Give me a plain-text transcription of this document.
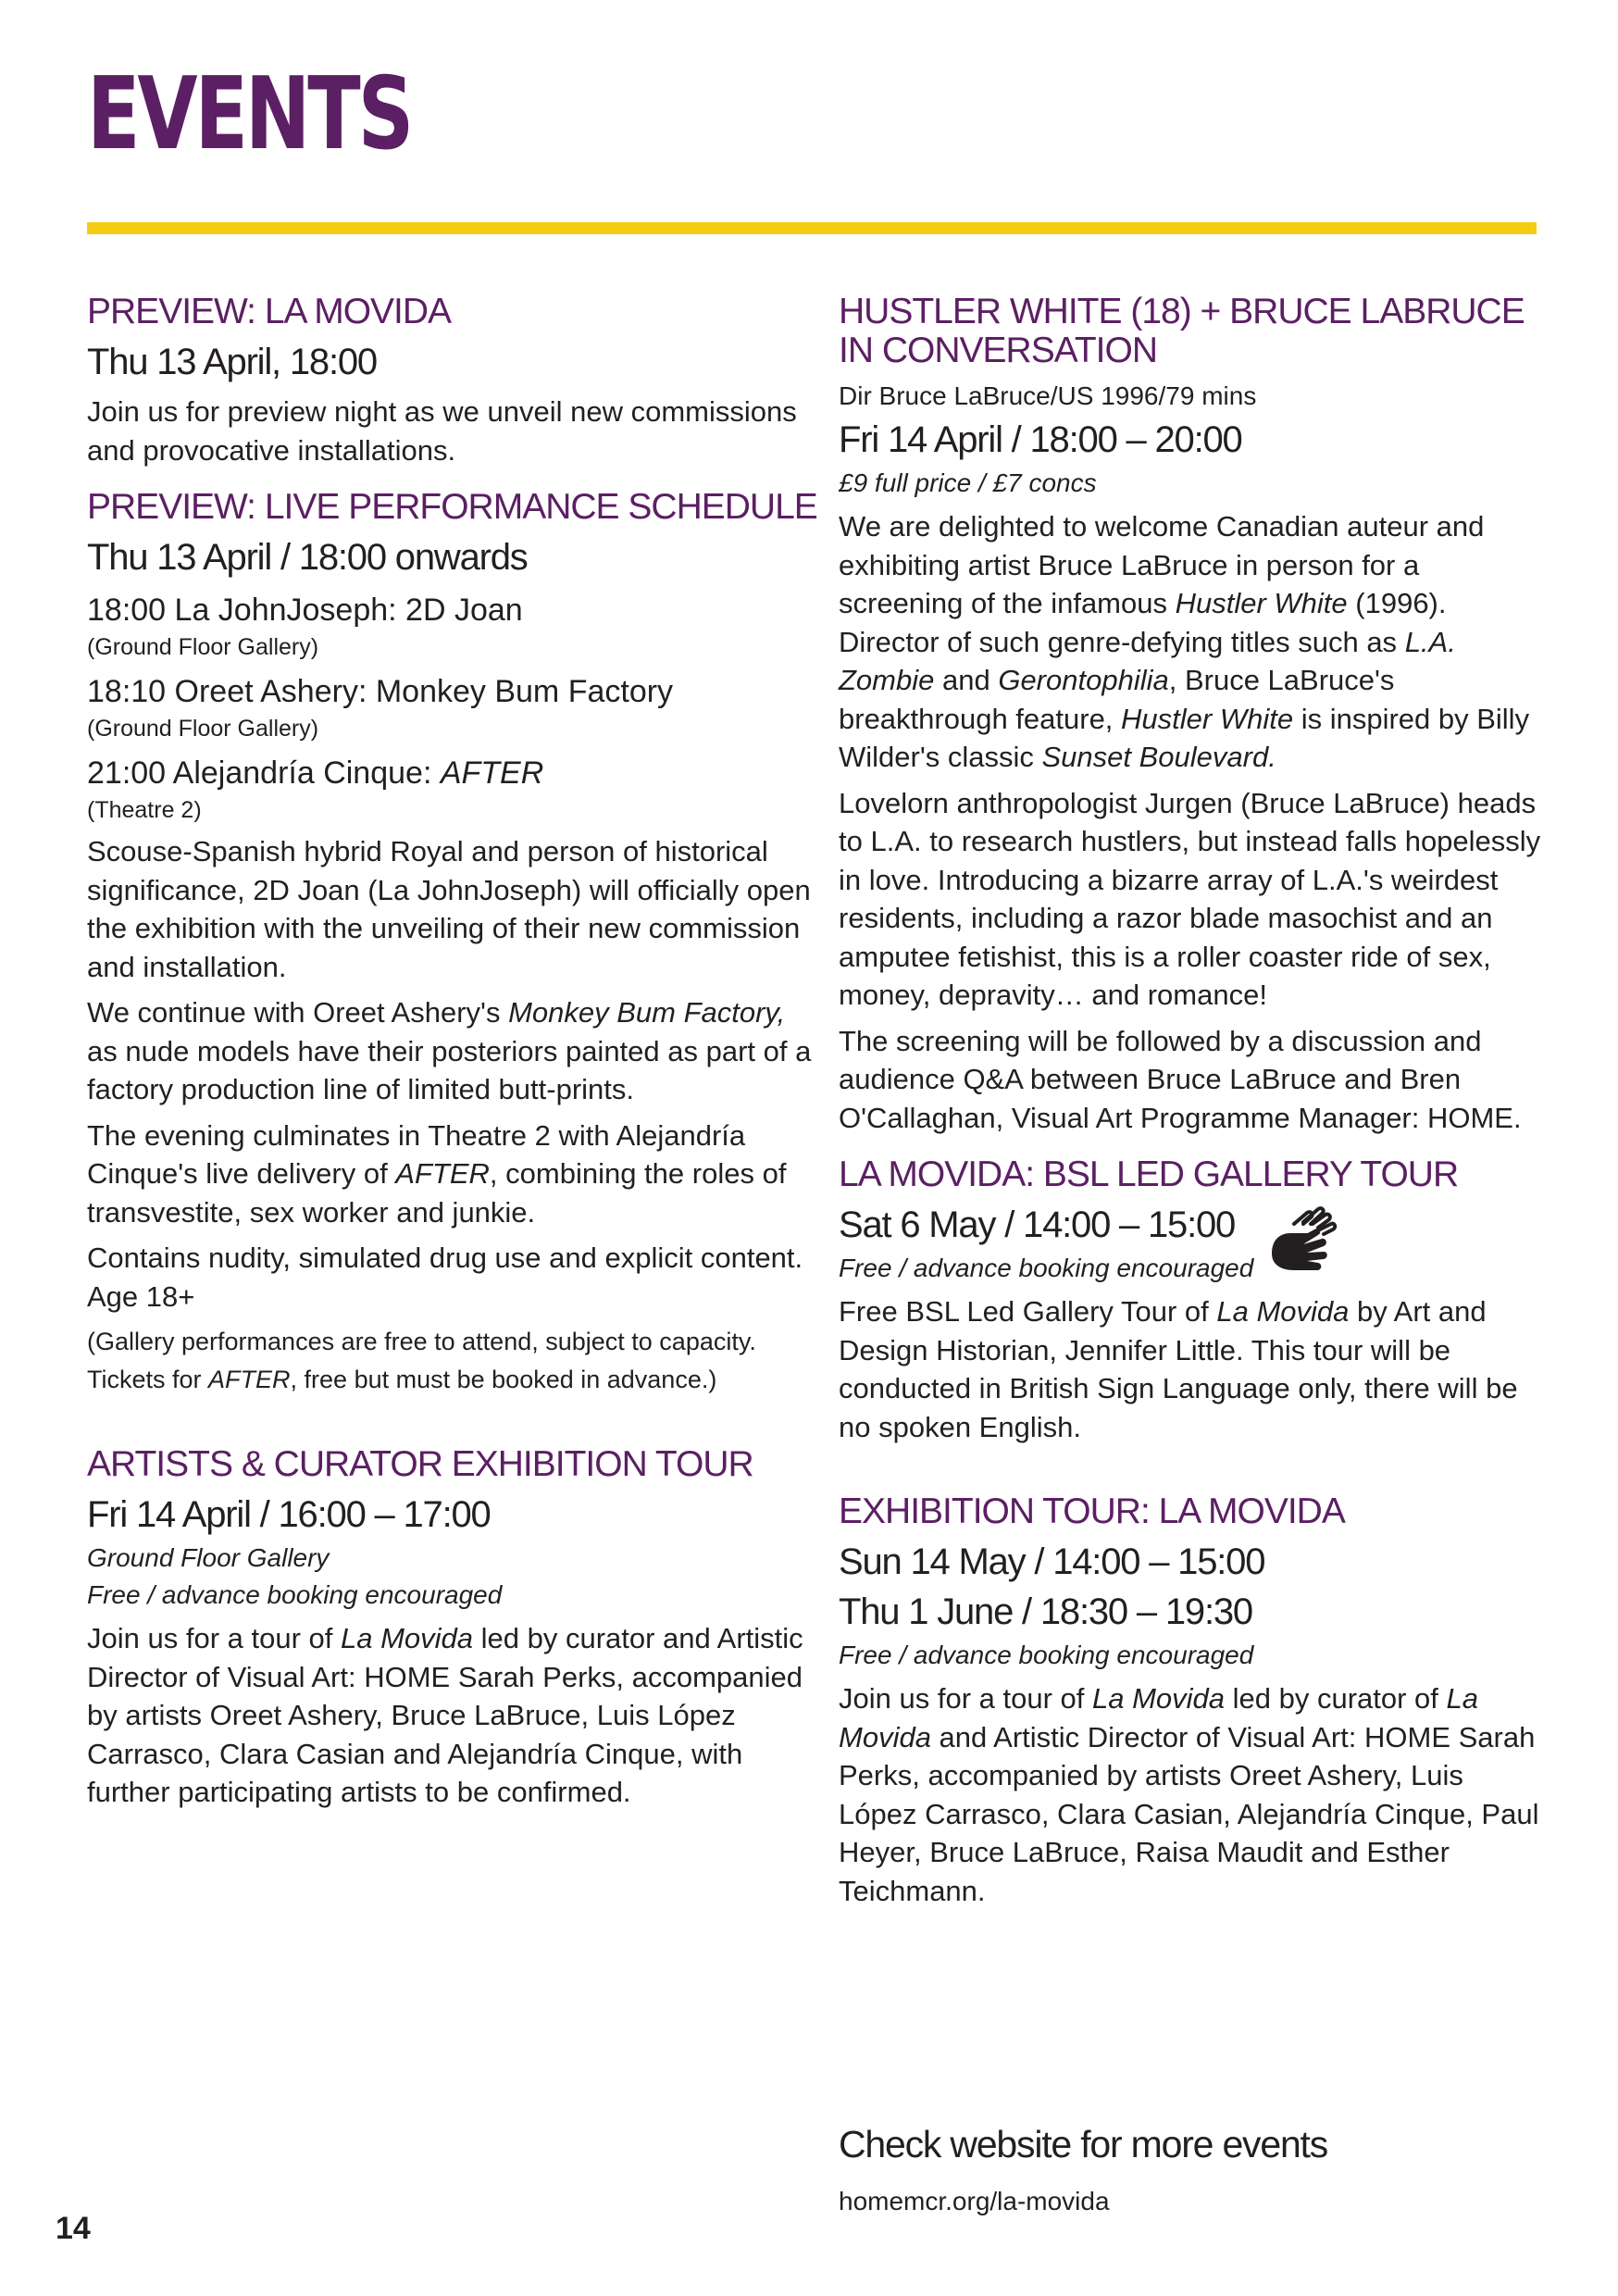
EVENTS
PREVIEW: LA MOVIDA

Thu 13 April, 18:00

Join us for preview night as we unveil new commissions and provocative installations.

PREVIEW: LIVE PERFORMANCE SCHEDULE

Thu 13 April / 18:00 onwards

18:00 La JohnJoseph: 2D Joan

(Ground Floor Gallery)

18:10 Oreet Ashery: Monkey Bum Factory

(Ground Floor Gallery)

21:00 Alejandría Cinque: AFTER

(Theatre 2)

Scouse-Spanish hybrid Royal and person of historical significance, 2D Joan (La JohnJoseph) will officially open the exhibition with the unveiling of their new commission and installation.

We continue with Oreet Ashery's Monkey Bum Factory, as nude models have their posteriors painted as part of a factory production line of limited butt-prints.

The evening culminates in Theatre 2 with Alejandría Cinque's live delivery of AFTER, combining the roles of transvestite, sex worker and junkie.

Contains nudity, simulated drug use and explicit content. Age 18+

(Gallery performances are free to attend, subject to capacity. Tickets for AFTER, free but must be booked in advance.)

ARTISTS & CURATOR EXHIBITION TOUR

Fri 14 April / 16:00 – 17:00

Ground Floor Gallery

Free / advance booking encouraged

Join us for a tour of La Movida led by curator and Artistic Director of Visual Art: HOME Sarah Perks, accompanied by artists Oreet Ashery, Bruce LaBruce, Luis López Carrasco, Clara Casian and Alejandría Cinque, with further participating artists to be confirmed.

HUSTLER WHITE (18) + BRUCE LABRUCE IN CONVERSATION

Dir Bruce LaBruce/US 1996/79 mins

Fri 14 April / 18:00 – 20:00

£9 full price / £7 concs

We are delighted to welcome Canadian auteur and exhibiting artist Bruce LaBruce in person for a screening of the infamous Hustler White (1996). Director of such genre-defying titles such as L.A. Zombie and Gerontophilia, Bruce LaBruce's breakthrough feature, Hustler White is inspired by Billy Wilder's classic Sunset Boulevard.

Lovelorn anthropologist Jurgen (Bruce LaBruce) heads to L.A. to research hustlers, but instead falls hopelessly in love. Introducing a bizarre array of L.A.'s weirdest residents, including a razor blade masochist and an amputee fetishist, this is a roller coaster ride of sex, money, depravity… and romance!

The screening will be followed by a discussion and audience Q&A between Bruce LaBruce and Bren O'Callaghan, Visual Art Programme Manager: HOME.

LA MOVIDA: BSL LED GALLERY TOUR

Sat 6 May / 14:00 – 15:00

Free / advance booking encouraged

Free BSL Led Gallery Tour of La Movida by Art and Design Historian, Jennifer Little. This tour will be conducted in British Sign Language only, there will be no spoken English.

EXHIBITION TOUR: LA MOVIDA

Sun 14 May / 14:00 – 15:00

Thu 1 June / 18:30 – 19:30

Free / advance booking encouraged

Join us for a tour of La Movida led by curator of La Movida and Artistic Director of Visual Art: HOME Sarah Perks, accompanied by artists Oreet Ashery, Luis López Carrasco, Clara Casian, Alejandría Cinque, Paul Heyer, Bruce LaBruce, Raisa Maudit and Esther Teichmann.

Check website for more events

homemcr.org/la-movida

14
